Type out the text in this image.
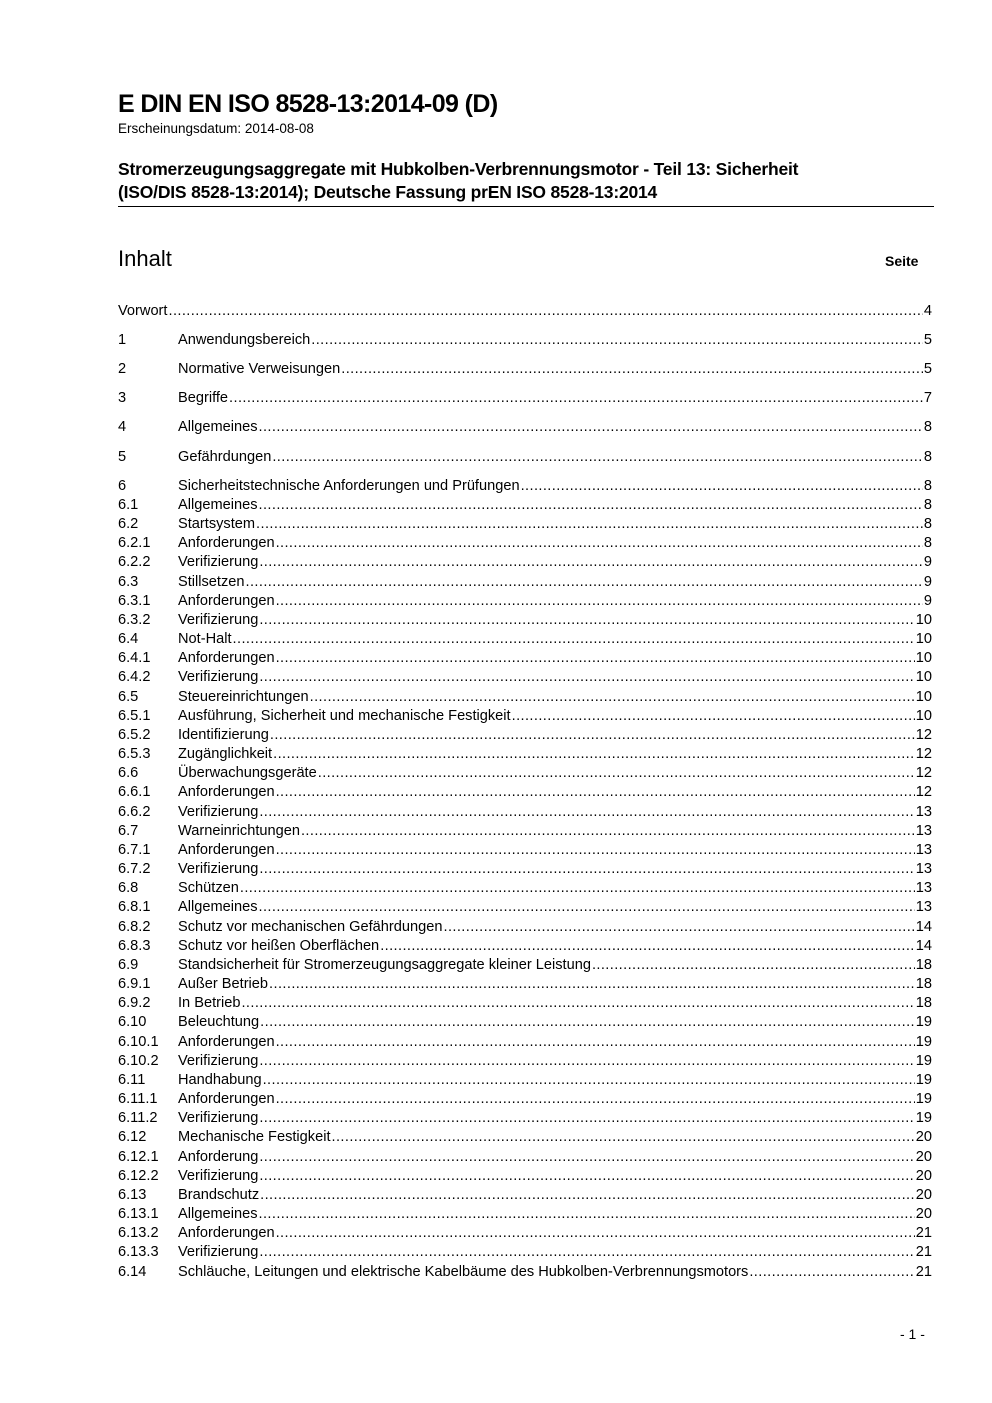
E DIN EN ISO 8528-13:2014-09 (D)
Erscheinungsdatum: 2014-08-08
Stromerzeugungsaggregate mit Hubkolben-Verbrennungsmotor - Teil 13: Sicherheit
(ISO/DIS 8528-13:2014); Deutsche Fassung prEN ISO 8528-13:2014
Inhalt	Seite
Vorwort .....	4
1	Anwendungsbereich .....	5
2	Normative Verweisungen .....	5
3	Begriffe .....	7
4	Allgemeines .....	8
5	Gefährdungen .....	8
6	Sicherheitstechnische Anforderungen und Prüfungen .....	8
6.1	Allgemeines .....	8
6.2	Startsystem .....	8
6.2.1	Anforderungen .....	8
6.2.2	Verifizierung .....	9
6.3	Stillsetzen .....	9
6.3.1	Anforderungen .....	9
6.3.2	Verifizierung .....	10
6.4	Not-Halt .....	10
6.4.1	Anforderungen .....	10
6.4.2	Verifizierung .....	10
6.5	Steuereinrichtungen .....	10
6.5.1	Ausführung, Sicherheit und mechanische Festigkeit .....	10
6.5.2	Identifizierung .....	12
6.5.3	Zugänglichkeit .....	12
6.6	Überwachungsgeräte .....	12
6.6.1	Anforderungen .....	12
6.6.2	Verifizierung .....	13
6.7	Warneinrichtungen .....	13
6.7.1	Anforderungen .....	13
6.7.2	Verifizierung .....	13
6.8	Schützen .....	13
6.8.1	Allgemeines .....	13
6.8.2	Schutz vor mechanischen Gefährdungen .....	14
6.8.3	Schutz vor heißen Oberflächen .....	14
6.9	Standsicherheit für Stromerzeugungsaggregate kleiner Leistung .....	18
6.9.1	Außer Betrieb .....	18
6.9.2	In Betrieb .....	18
6.10	Beleuchtung .....	19
6.10.1	Anforderungen .....	19
6.10.2	Verifizierung .....	19
6.11	Handhabung .....	19
6.11.1	Anforderungen .....	19
6.11.2	Verifizierung .....	19
6.12	Mechanische Festigkeit .....	20
6.12.1	Anforderung .....	20
6.12.2	Verifizierung .....	20
6.13	Brandschutz .....	20
6.13.1	Allgemeines .....	20
6.13.2	Anforderungen .....	21
6.13.3	Verifizierung .....	21
6.14	Schläuche, Leitungen und elektrische Kabelbäume des Hubkolben-Verbrennungsmotors .....	21
- 1 -
